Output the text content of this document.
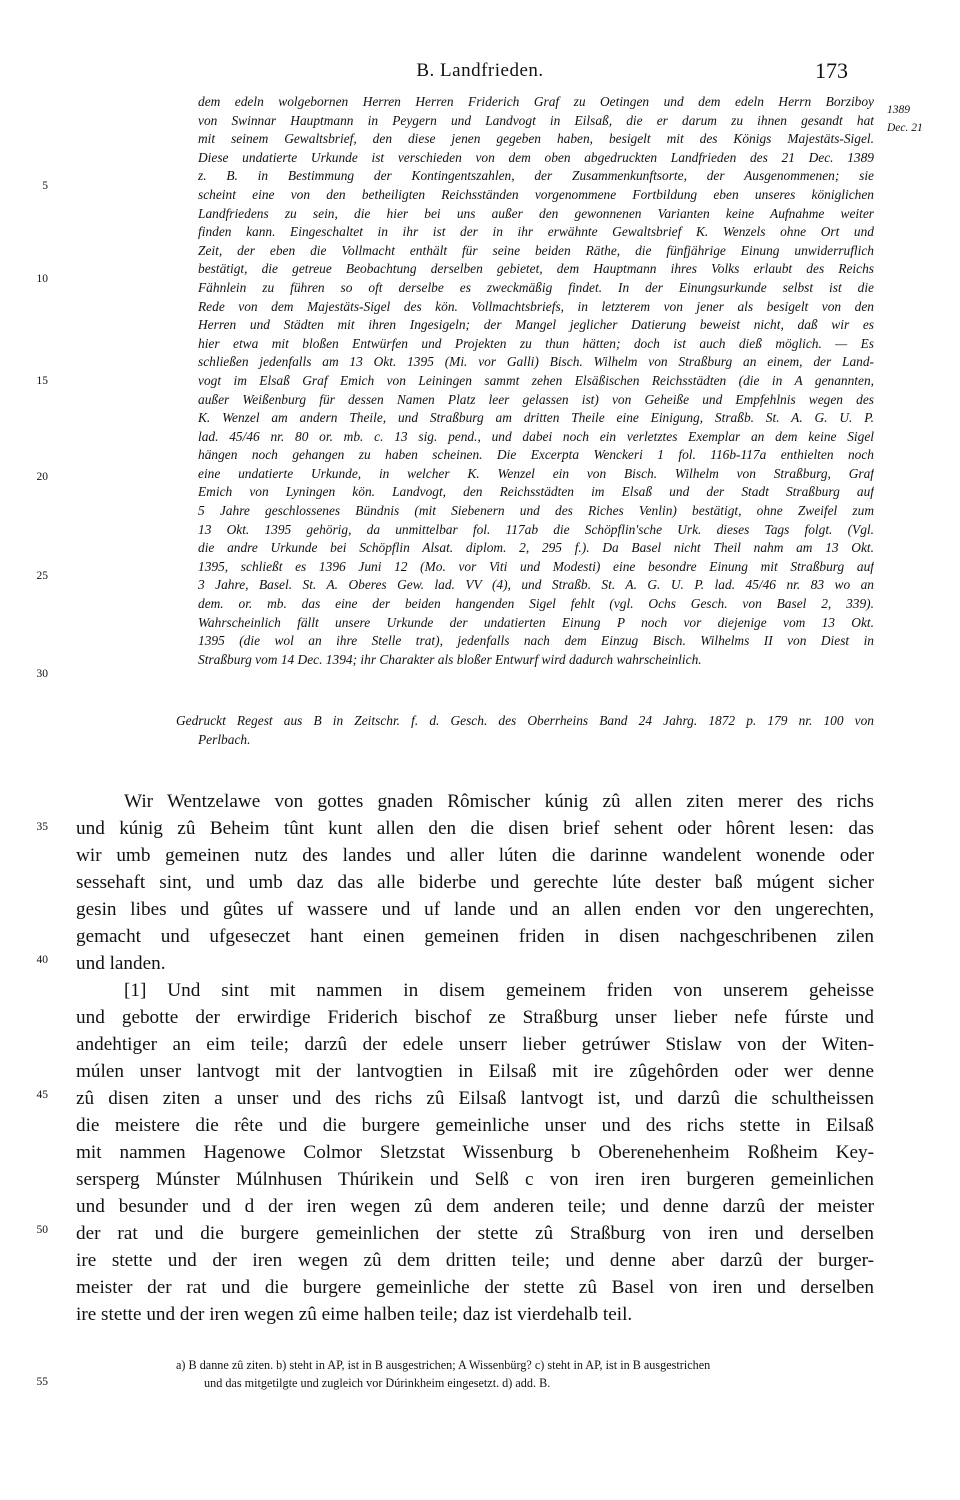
B. Landfrieden.	173
1389
Dec. 21
5
10
15
20
25
30
35
40
45
50
55
dem edeln wolgebornen Herren Herren Friderich Graf zu Oetingen und dem edeln Herrn Borziboy
von Swinnar Hauptmann in Peygern und Landvogt in Eilsaß, die er darum zu ihnen gesandt hat
mit seinem Gewaltsbrief, den diese jenen gegeben haben, besigelt mit des Königs Majestäts-Sigel.
Diese undatierte Urkunde ist verschieden von dem oben abgedruckten Landfrieden des 21 Dec. 1389
z. B. in Bestimmung der Kontingentszahlen, der Zusammenkunftsorte, der Ausgenommenen; sie
scheint eine von den betheiligten Reichsständen vorgenommene Fortbildung eben unseres königlichen
Landfriedens zu sein, die hier bei uns außer den gewonnenen Varianten keine Aufnahme weiter
finden kann. Eingeschaltet in ihr ist der in ihr erwähnte Gewaltsbrief K. Wenzels ohne Ort und
Zeit, der eben die Vollmacht enthält für seine beiden Räthe, die fünfjährige Einung unwiderruflich
bestätigt, die getreue Beobachtung derselben gebietet, dem Hauptmann ihres Volks erlaubt des Reichs
Fähnlein zu führen so oft derselbe es zweckmäßig findet. In der Einungsurkunde selbst ist die
Rede von dem Majestäts-Sigel des kön. Vollmachtsbriefs, in letzterem von jener als besigelt von den
Herren und Städten mit ihren Ingesigeln; der Mangel jeglicher Datierung beweist nicht, daß wir es
hier etwa mit bloßen Entwürfen und Projekten zu thun hätten; doch ist auch dieß möglich. — Es
schließen jedenfalls am 13 Okt. 1395 (Mi. vor Galli) Bisch. Wilhelm von Straßburg an einem, der Land-
vogt im Elsaß Graf Emich von Leiningen sammt zehen Elsäßischen Reichsstädten (die in A genannten,
außer Weißenburg für dessen Namen Platz leer gelassen ist) von Geheiße und Empfehlnis wegen des
K. Wenzel am andern Theile, und Straßburg am dritten Theile eine Einigung, Straßb. St. A. G. U. P.
lad. 45/46 nr. 80 or. mb. c. 13 sig. pend., und dabei noch ein verletztes Exemplar an dem keine Sigel
hängen noch gehangen zu haben scheinen. Die Excerpta Wenckeri 1 fol. 116b-117a enthielten noch
eine undatierte Urkunde, in welcher K. Wenzel ein von Bisch. Wilhelm von Straßburg, Graf
Emich von Lyningen kön. Landvogt, den Reichsstädten im Elsaß und der Stadt Straßburg auf
5 Jahre geschlossenes Bündnis (mit Siebenern und des Riches Venlin) bestätigt, ohne Zweifel zum
13 Okt. 1395 gehörig, da unmittelbar fol. 117ab die Schöpflin'sche Urk. dieses Tags folgt. (Vgl.
die andre Urkunde bei Schöpflin Alsat. diplom. 2, 295 f.). Da Basel nicht Theil nahm am 13 Okt.
1395, schließt es 1396 Juni 12 (Mo. vor Viti und Modesti) eine besondre Einung mit Straßburg auf
3 Jahre, Basel. St. A. Oberes Gew. lad. VV (4), und Straßb. St. A. G. U. P. lad. 45/46 nr. 83 wo an
dem. or. mb. das eine der beiden hangenden Sigel fehlt (vgl. Ochs Gesch. von Basel 2, 339).
Wahrscheinlich fällt unsere Urkunde der undatierten Einung P noch vor diejenige vom 13 Okt.
1395 (die wol an ihre Stelle trat), jedenfalls nach dem Einzug Bisch. Wilhelms II von Diest in
Straßburg vom 14 Dec. 1394; ihr Charakter als bloßer Entwurf wird dadurch wahrscheinlich.
Gedruckt Regest aus B in Zeitschr. f. d. Gesch. des Oberrheins Band 24 Jahrg. 1872 p. 179 nr. 100 von
Perlbach.
Wir Wentzelawe von gottes gnaden Rômischer kúnig zû allen ziten merer des richs
und kúnig zû Beheim tûnt kunt allen den die disen brief sehent oder hôrent lesen: das
wir umb gemeinen nutz des landes und aller lúten die darinne wandelent wonende oder
sessehaft sint, und umb daz das alle biderbe und gerechte lúte dester baß múgent sicher
gesin libes und gûtes uf wassere und uf lande und an allen enden vor den ungerechten,
gemacht und ufgeseczet hant einen gemeinen friden in disen nachgeschribenen zilen
und landen.
[1] Und sint mit nammen in disem gemeinem friden von unserem geheisse
und gebotte der erwirdige Friderich bischof ze Straßburg unser lieber nefe fúrste und
andehtiger an eim teile; darzû der edele unserr lieber getrúwer Stislaw von der Witen-
múlen unser lantvogt mit der lantvogtien in Eilsaß mit ire zûgehôrden oder wer denne
zû disen ziten a unser und des richs zû Eilsaß lantvogt ist, und darzû die schultheissen
die meistere die rête und die burgere gemeinliche unser und des richs stette in Eilsaß
mit nammen Hagenowe Colmor Sletzstat Wissenburg b Oberenehenheim Roßheim Key-
sersperg Múnster Múlnhusen Thúrikein und Selß c von iren iren burgeren gemeinlichen
und besunder und d der iren wegen zû dem anderen teile; und denne darzû der meister
der rat und die burgere gemeinlichen der stette zû Straßburg von iren und derselben
ire stette und der iren wegen zû dem dritten teile; und denne aber darzû der burger-
meister der rat und die burgere gemeinliche der stette zû Basel von iren und derselben
ire stette und der iren wegen zû eime halben teile; daz ist vierdehalb teil.
a) B danne zû ziten. b) steht in AP, ist in B ausgestrichen; A Wissenbürg? c) steht in AP, ist in B ausgestrichen
und das mitgetilgte und zugleich vor Dúrinkheim eingesetzt. d) add. B.
